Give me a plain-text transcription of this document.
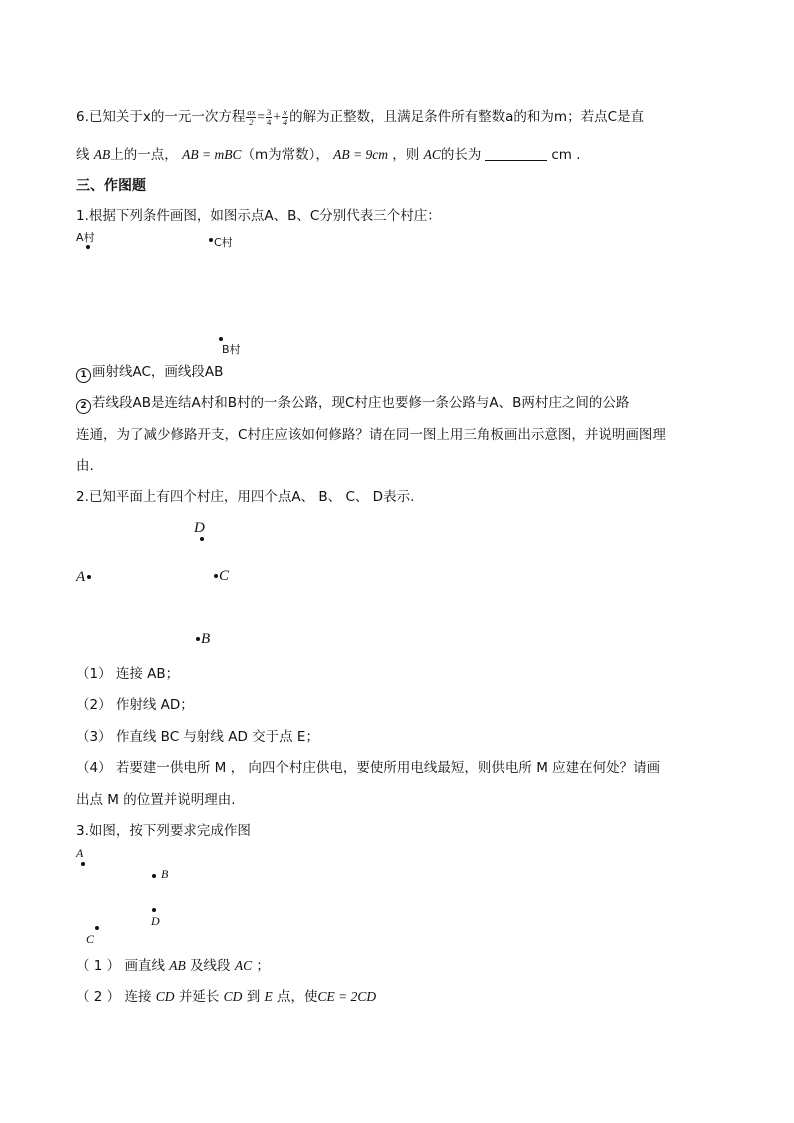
6.已知关于x的一元一次方程 $\frac{ax}{2} = \frac{3}{4} + \frac{x}{4}$ 的解为正整数，且满足条件所有整数a的和为m；若点C是直
线 AB上的一点， AB = mBC（m为常数）， AB = 9cm ，则 AC的长为	cm .
三、作图题
1.根据下列条件画图，如图示点A、B、C分别代表三个村庄：
A村	C村
B村
1 画射线AC，画线段AB
2 若线段AB是连结A村和B村的一条公路，现C村庄也要修一条公路与A、B两村庄之间的公路
连通，为了减少修路开支，C村庄应该如何修路？请在同一图上用三角板画出示意图，并说明画图理
由.
2.已知平面上有四个村庄，用四个点A、 B、 C、 D表示.
D
A	C
B
（1） 连接 AB；
（2） 作射线 AD；
（3） 作直线 BC 与射线 AD 交于点 E；
（4） 若要建一供电所 M ， 向四个村庄供电，要使所用电线最短，则供电所 M 应建在何处？请画
出点 M 的位置并说明理由.
3.如图，按下列要求完成作图
A
B
D
C
（ 1 ） 画直线 AB 及线段 AC ；
（ 2 ） 连接 CD 并延长 CD 到 E 点，使CE = 2CD
